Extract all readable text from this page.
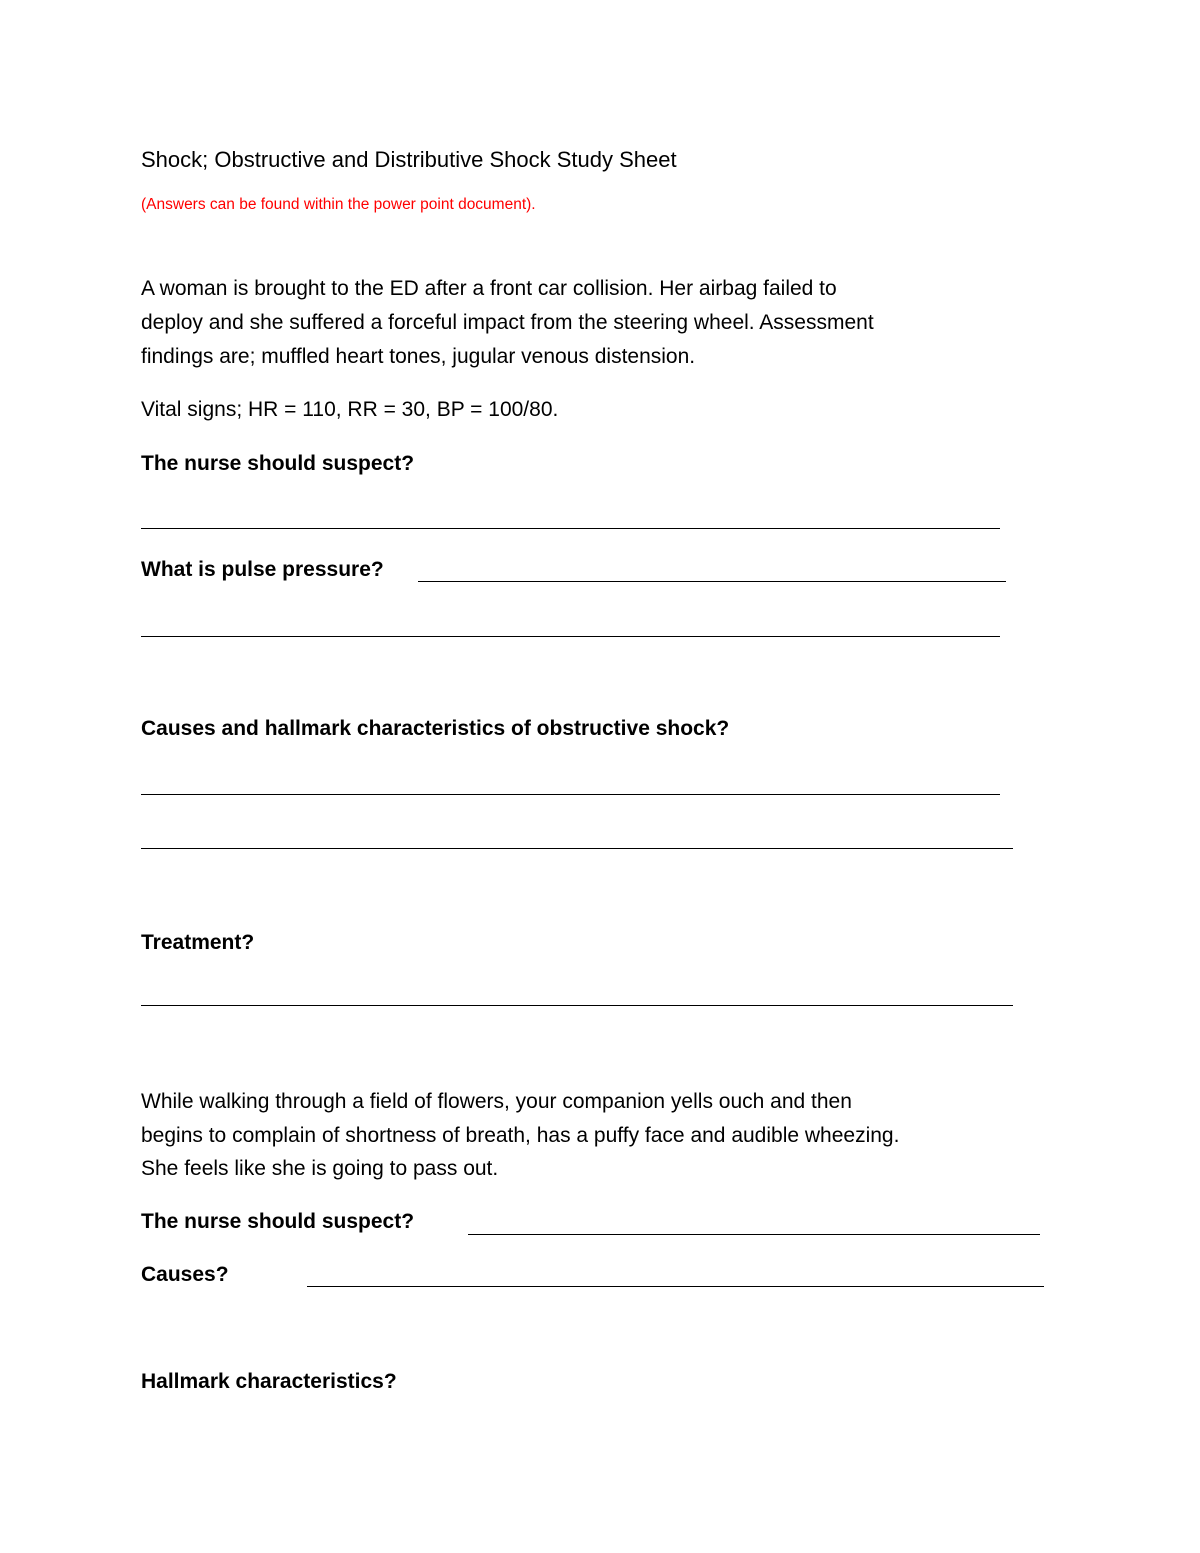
Shock; Obstructive and Distributive Shock Study Sheet
(Answers can be found within the power point document).
A woman is brought to the ED after a front car collision. Her airbag failed to
deploy and she suffered a forceful impact from the steering wheel. Assessment
findings are; muffled heart tones, jugular venous distension.
Vital signs; HR = 110, RR = 30, BP = 100/80.
The nurse should suspect?
What is pulse pressure?
Causes and hallmark characteristics of obstructive shock?
Treatment?
While walking through a field of flowers, your companion yells ouch and then
begins to complain of shortness of breath, has a puffy face and audible wheezing.
She feels like she is going to pass out.
The nurse should suspect?
Causes?
Hallmark characteristics?
